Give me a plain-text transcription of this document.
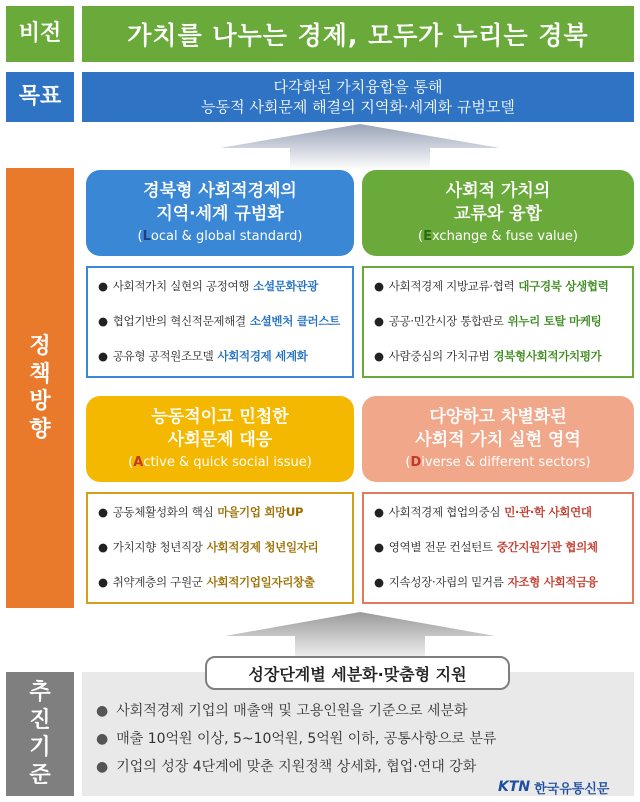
비전	가치를 나누는 경제, 모두가 누리는 경북
목표	다각화된 가치융합을 통해
능동적 사회문제 해결의 지역화·세계화 규범모델
정책 방향
경북형 사회적경제의
지역·세계 규범화
(Local & global standard)
사회적 가치의
교류와 융합
(Exchange & fuse value)
● 사회적가치 실현의 공정여행 소셜문화관광
● 협업기반의 혁신적문제해결 소셜벤처 클러스트
● 공유형 공적원조모델 사회적경제 세계화
● 사회적경제 지방교류·협력 대구경북 상생협력
● 공공·민간시장 통합판로 위누리 토탈 마케팅
● 사람중심의 가치규범 경북형사회적가치평가
능동적이고 민첩한
사회문제 대응
(Active & quick social issue)
다양하고 차별화된
사회적 가치 실현 영역
(Diverse & different sectors)
● 공동체활성화의 핵심 마을기업 희망UP
● 가치지향 청년직장 사회적경제 청년일자리
● 취약계층의 구원군 사회적기업일자리창출
● 사회적경제 협업의중심 민·관·학 사회연대
● 영역별 전문 컨설턴트 중간지원기관 협의체
● 지속성장·자립의 밑거름 자조형 사회적금융
추진 기준
성장단계별 세분화·맞춤형 지원
● 사회적경제 기업의 매출액 및 고용인원을 기준으로 세분화
● 매출 10억원 이상, 5~10억원, 5억원 이하, 공통사항으로 분류
● 기업의 성장 4단계에 맞춘 지원정책 상세화, 협업·연대 강화
KTN 한국유통신문
